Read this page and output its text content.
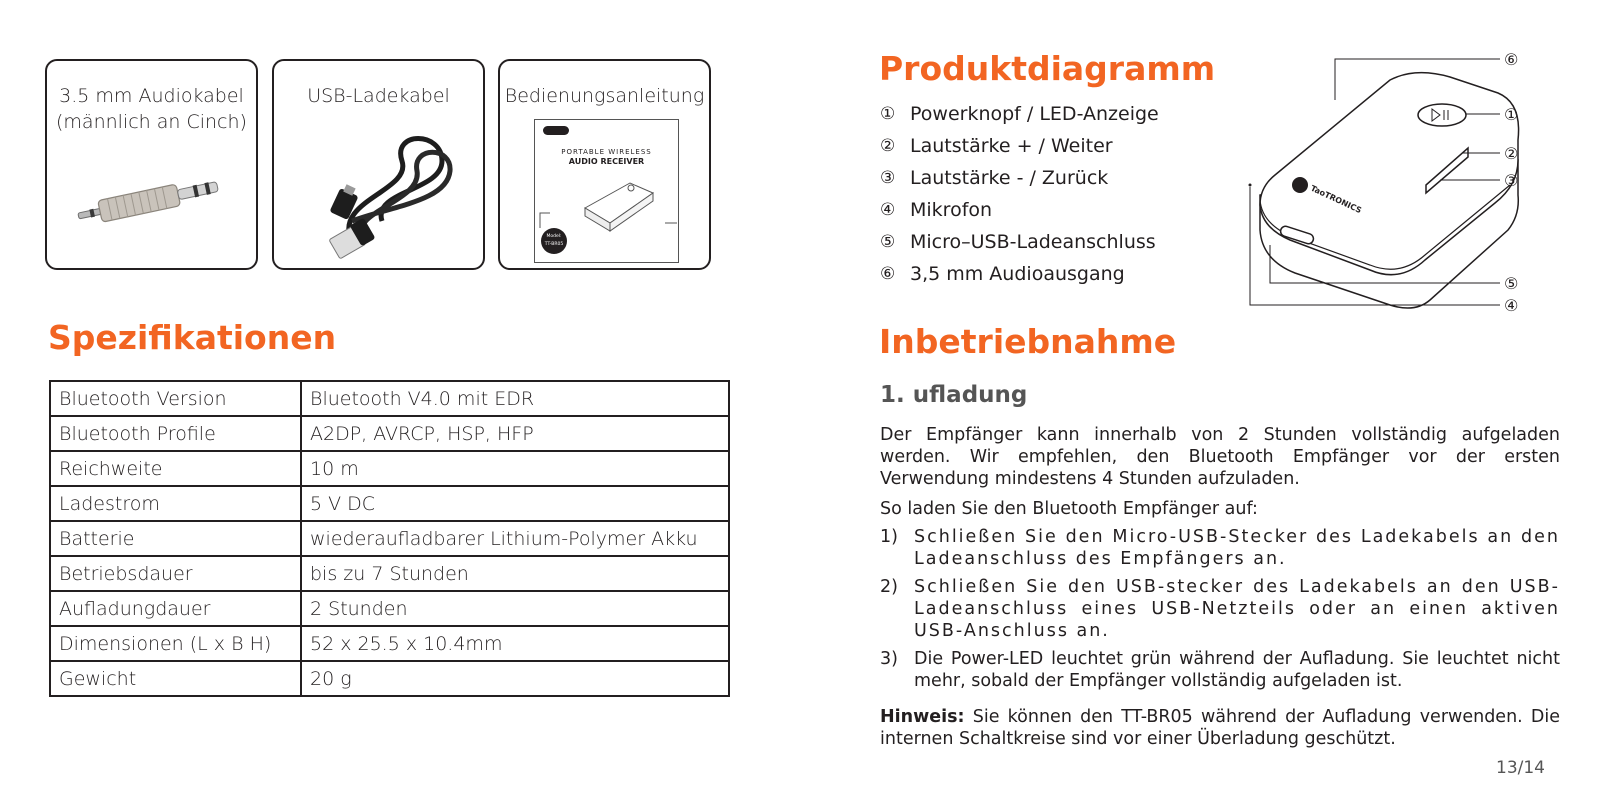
3.5 mm Audiokabel
(männlich an Cinch)
USB-Ladekabel	Bedienungsanleitung
PORTABLE WIRELESS
AUDIO RECEIVER
Model:
TT-BR05
Spezifikationen
Bluetooth Version	Bluetooth V4.0 mit EDR
Bluetooth Profile	A2DP, AVRCP, HSP, HFP
Reichweite	10 m
Ladestrom	5 V DC
Batterie	wiederaufladbarer Lithium-Polymer Akku
Betriebsdauer	bis zu 7 Stunden
Aufladungdauer	2 Stunden
Dimensionen (L x B H)	52 x 25.5 x 10.4mm
Gewicht	20 g
Produktdiagramm
① Powerknopf / LED-Anzeige
② Lautstärke + / Weiter
③ Lautstärke - / Zurück
④ Mikrofon
⑤ Micro–USB-Ladeanschluss
⑥ 3,5 mm Audioausgang
TaoTRONICS
⑥
①
②
③
⑤
④
Inbetriebnahme
1. ufladung

Der Empfänger kann innerhalb von 2 Stunden vollständig aufgeladen werden. Wir empfehlen, den Bluetooth Empfänger vor der ersten Verwendung mindestens 4 Stunden aufzuladen.

So laden Sie den Bluetooth Empfänger auf:

1) Schließen Sie den Micro-USB-Stecker des Ladekabels an den Ladeanschluss des Empfängers an.
2) Schließen Sie den USB-stecker des Ladekabels an den USB-Ladeanschluss eines USB-Netzteils oder an einen aktiven USB-Anschluss an.
3) Die Power-LED leuchtet grün während der Aufladung. Sie leuchtet nicht mehr, sobald der Empfänger vollständig aufgeladen ist.

Hinweis: Sie können den TT-BR05 während der Aufladung verwenden. Die internen Schaltkreise sind vor einer Überladung geschützt.

13/14
